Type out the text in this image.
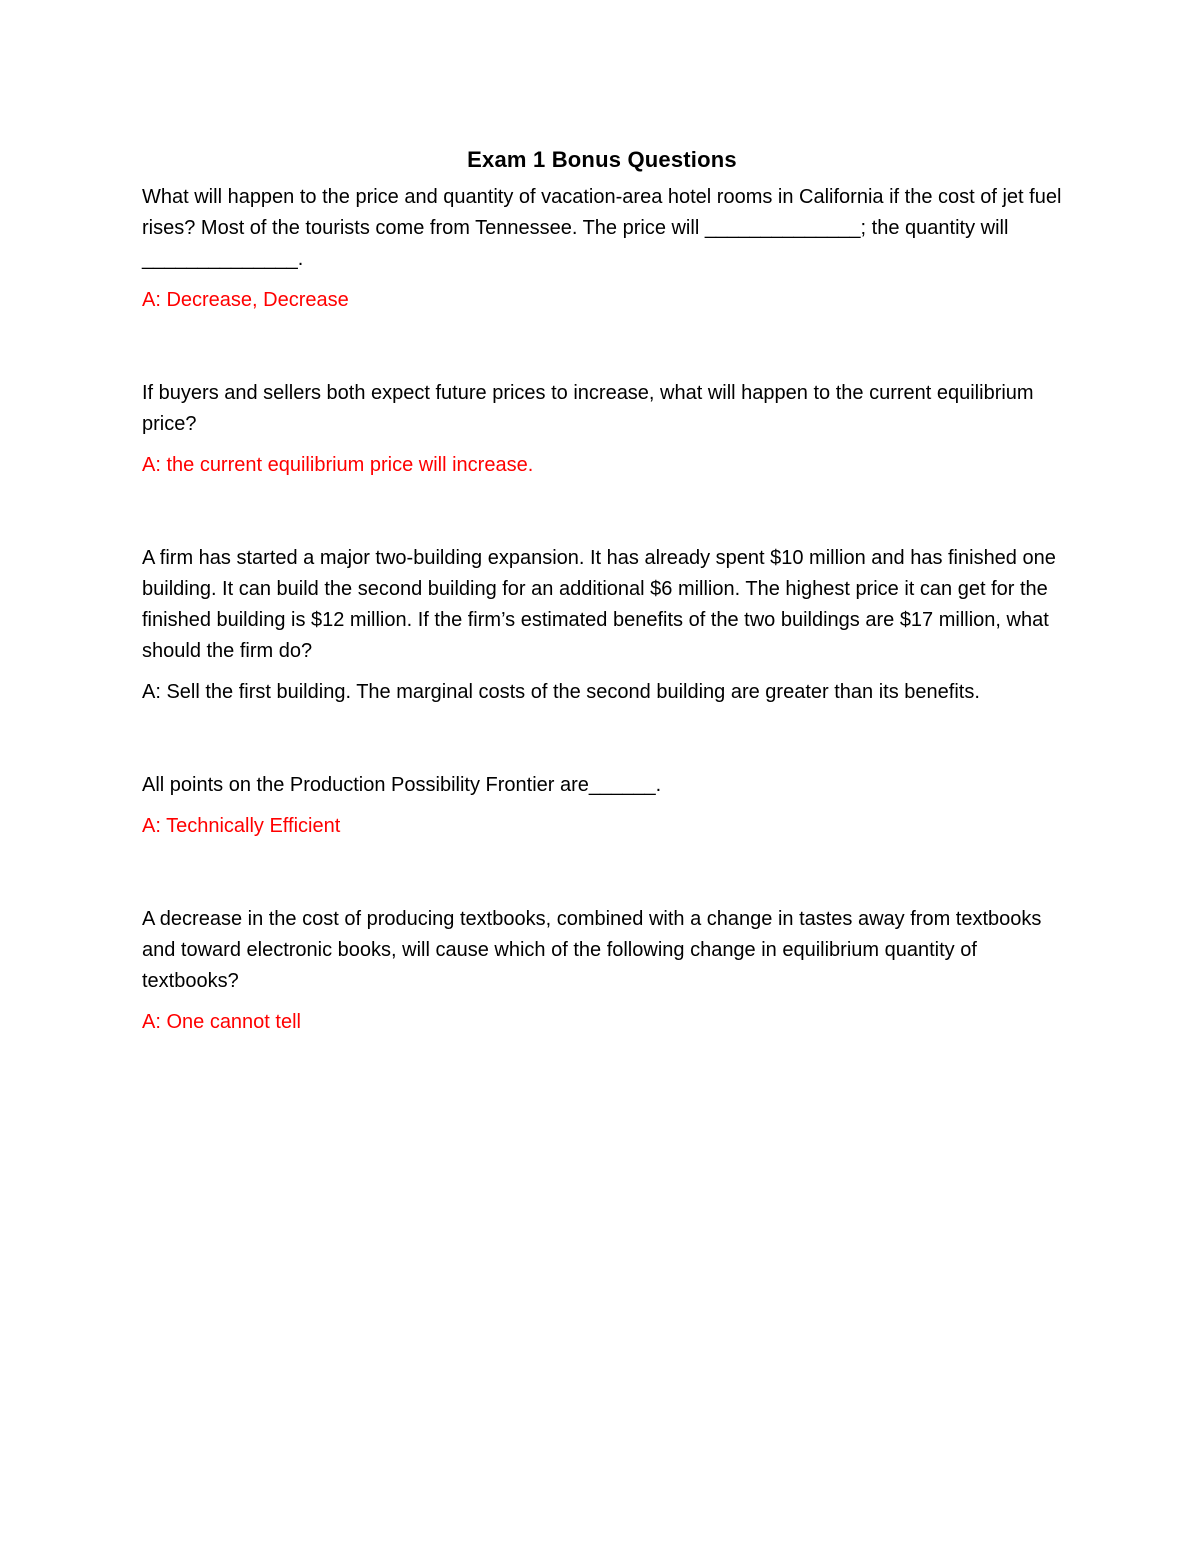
Exam 1 Bonus Questions

What will happen to the price and quantity of vacation-area hotel rooms in California if the cost of jet fuel rises? Most of the tourists come from Tennessee. The price will ______________; the quantity will ______________.

A: Decrease, Decrease

If buyers and sellers both expect future prices to increase, what will happen to the current equilibrium price?

A: the current equilibrium price will increase.

A firm has started a major two-building expansion. It has already spent $10 million and has finished one building. It can build the second building for an additional $6 million. The highest price it can get for the finished building is $12 million. If the firm’s estimated benefits of the two buildings are $17 million, what should the firm do?

A: Sell the first building. The marginal costs of the second building are greater than its benefits.

All points on the Production Possibility Frontier are______.

A: Technically Efficient

A decrease in the cost of producing textbooks, combined with a change in tastes away from textbooks and toward electronic books, will cause which of the following change in equilibrium quantity of textbooks?

A: One cannot tell
